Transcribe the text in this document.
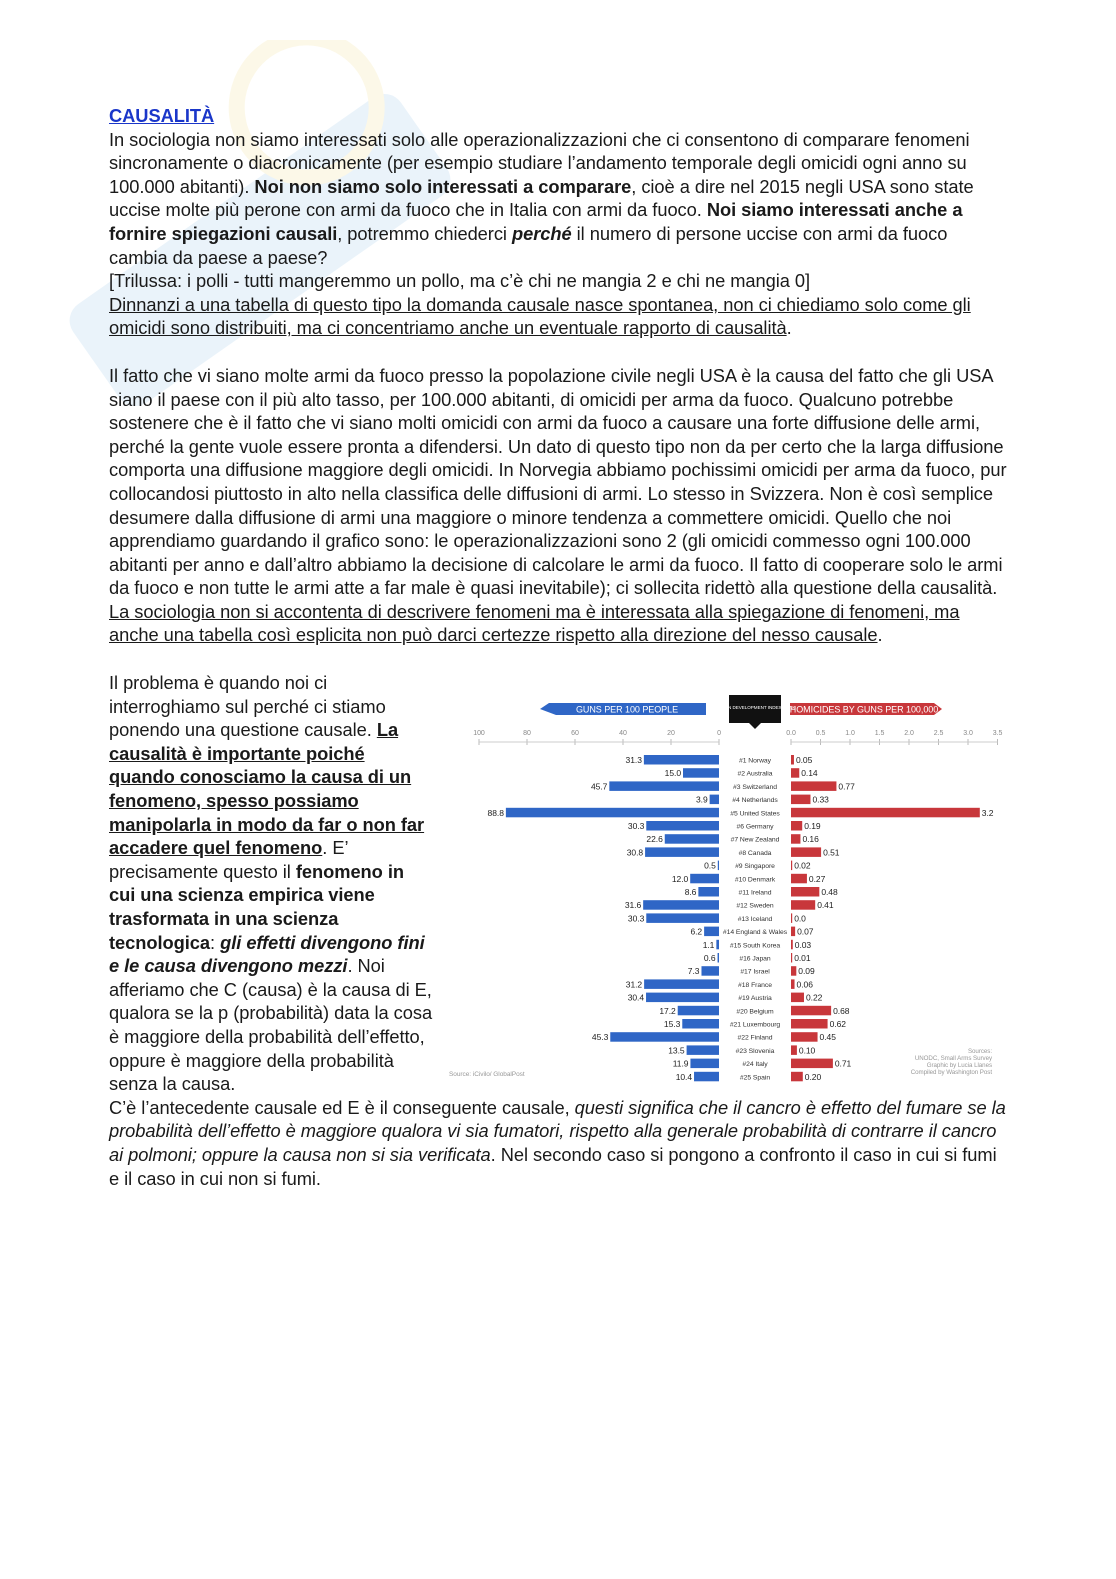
CAUSALITÀ

In sociologia non siamo interessati solo alle operazionalizzazioni che ci consentono di comparare fenomeni sincronamente o diacronicamente (per esempio studiare l’andamento temporale degli omicidi ogni anno su 100.000 abitanti). Noi non siamo solo interessati a comparare, cioè a dire nel 2015 negli USA sono state uccise molte più perone con armi da fuoco che in Italia con armi da fuoco. Noi siamo interessati anche a fornire spiegazioni causali, potremmo chiederci perché il numero di persone uccise con armi da fuoco cambia da paese a paese?

[Trilussa: i polli - tutti mangeremmo un pollo, ma c’è chi ne mangia 2 e chi ne mangia 0]

Dinnanzi a una tabella di questo tipo la domanda causale nasce spontanea, non ci chiediamo solo come gli omicidi sono distribuiti, ma ci concentriamo anche un eventuale rapporto di causalità.

Il fatto che vi siano molte armi da fuoco presso la popolazione civile negli USA è la causa del fatto che gli USA siano il paese con il più alto tasso, per 100.000 abitanti, di omicidi per arma da fuoco. Qualcuno potrebbe sostenere che è il fatto che vi siano molti omicidi con armi da fuoco a causare una forte diffusione delle armi, perché la gente vuole essere pronta a difendersi. Un dato di questo tipo non da per certo che la larga diffusione comporta una diffusione maggiore degli omicidi. In Norvegia abbiamo pochissimi omicidi per arma da fuoco, pur collocandosi piuttosto in alto nella classifica delle diffusioni di armi. Lo stesso in Svizzera. Non è così semplice desumere dalla diffusione di armi una maggiore o minore tendenza a commettere omicidi. Quello che noi apprendiamo guardando il grafico sono: le operazionalizzazioni sono 2 (gli omicidi commesso ogni 100.000 abitanti per anno e dall’altro abbiamo la decisione di calcolare le armi da fuoco. Il fatto di cooperare solo le armi da fuoco e non tutte le armi atte a far male è quasi inevitabile); ci sollecita ridettò alla questione della causalità. La sociologia non si accontenta di descrivere fenomeni ma è interessata alla spiegazione di fenomeni, ma anche una tabella così esplicita non può darci certezze rispetto alla direzione del nesso causale.

GUNS PER 100 PEOPLE	HOMICIDES BY GUNS PER 100,000
HUMAN DEVELOPMENT INDEX RANK
100	80	60	40	20	0	0.0	0.5	1.0	1.5	2.0	2.5	3.0	3.5
31.3	#1 Norway	0.05
15.0	#2 Australia	0.14
45.7	#3 Switzerland	0.77
3.9	#4 Netherlands	0.33
88.8	#5 United States	3.2
30.3	#6 Germany	0.19
22.6	#7 New Zealand	0.16
30.8	#8 Canada	0.51
0.5	#9 Singapore 0.02
12.0	#10 Denmark	0.27
8.6	#11 Ireland	0.48
31.6	#12 Sweden	0.41
30.3	#13 Iceland	0.0
6.2	#14 England & Wales 0.07
1.1 #15 South Korea 0.03
0.6	#16 Japan	0.01
7.3	#17 Israel	0.09
31.2	#18 France	0.06
30.4	#19 Austria	0.22
17.2	#20 Belgium	0.68
15.3	#21 Luxembourg	0.62
45.3	#22 Finland	0.45
13.5	#23 Slovenia	0.10
11.9	#24 Italy	0.71
10.4	#25 Spain	0.20
Source: iCivilo/ GlobalPost
Sources:
UNODC, Small Arms Survey
Graphic by Lucia Llanes
Compiled by Washington Post

Il problema è quando noi ci interroghiamo sul perché ci stiamo ponendo una questione causale. La causalità è importante poiché quando conosciamo la causa di un fenomeno, spesso possiamo manipolarla in modo da far o non far accadere quel fenomeno. E’ precisamente questo il fenomeno in cui una scienza empirica viene trasformata in una scienza tecnologica: gli effetti divengono fini e le causa divengono mezzi. Noi afferiamo che C (causa) è la causa di E, qualora se la p (probabilità) data la cosa è maggiore della probabilità dell’effetto, oppure è maggiore della probabilità senza la causa.

C’è l’antecedente causale ed E è il conseguente causale, questi significa che il cancro è effetto del fumare se la probabilità dell’effetto è maggiore qualora vi sia fumatori, rispetto alla generale probabilità di contrarre il cancro ai polmoni; oppure la causa non si sia verificata. Nel secondo caso si pongono a confronto il caso in cui si fumi e il caso in cui non si fumi.
